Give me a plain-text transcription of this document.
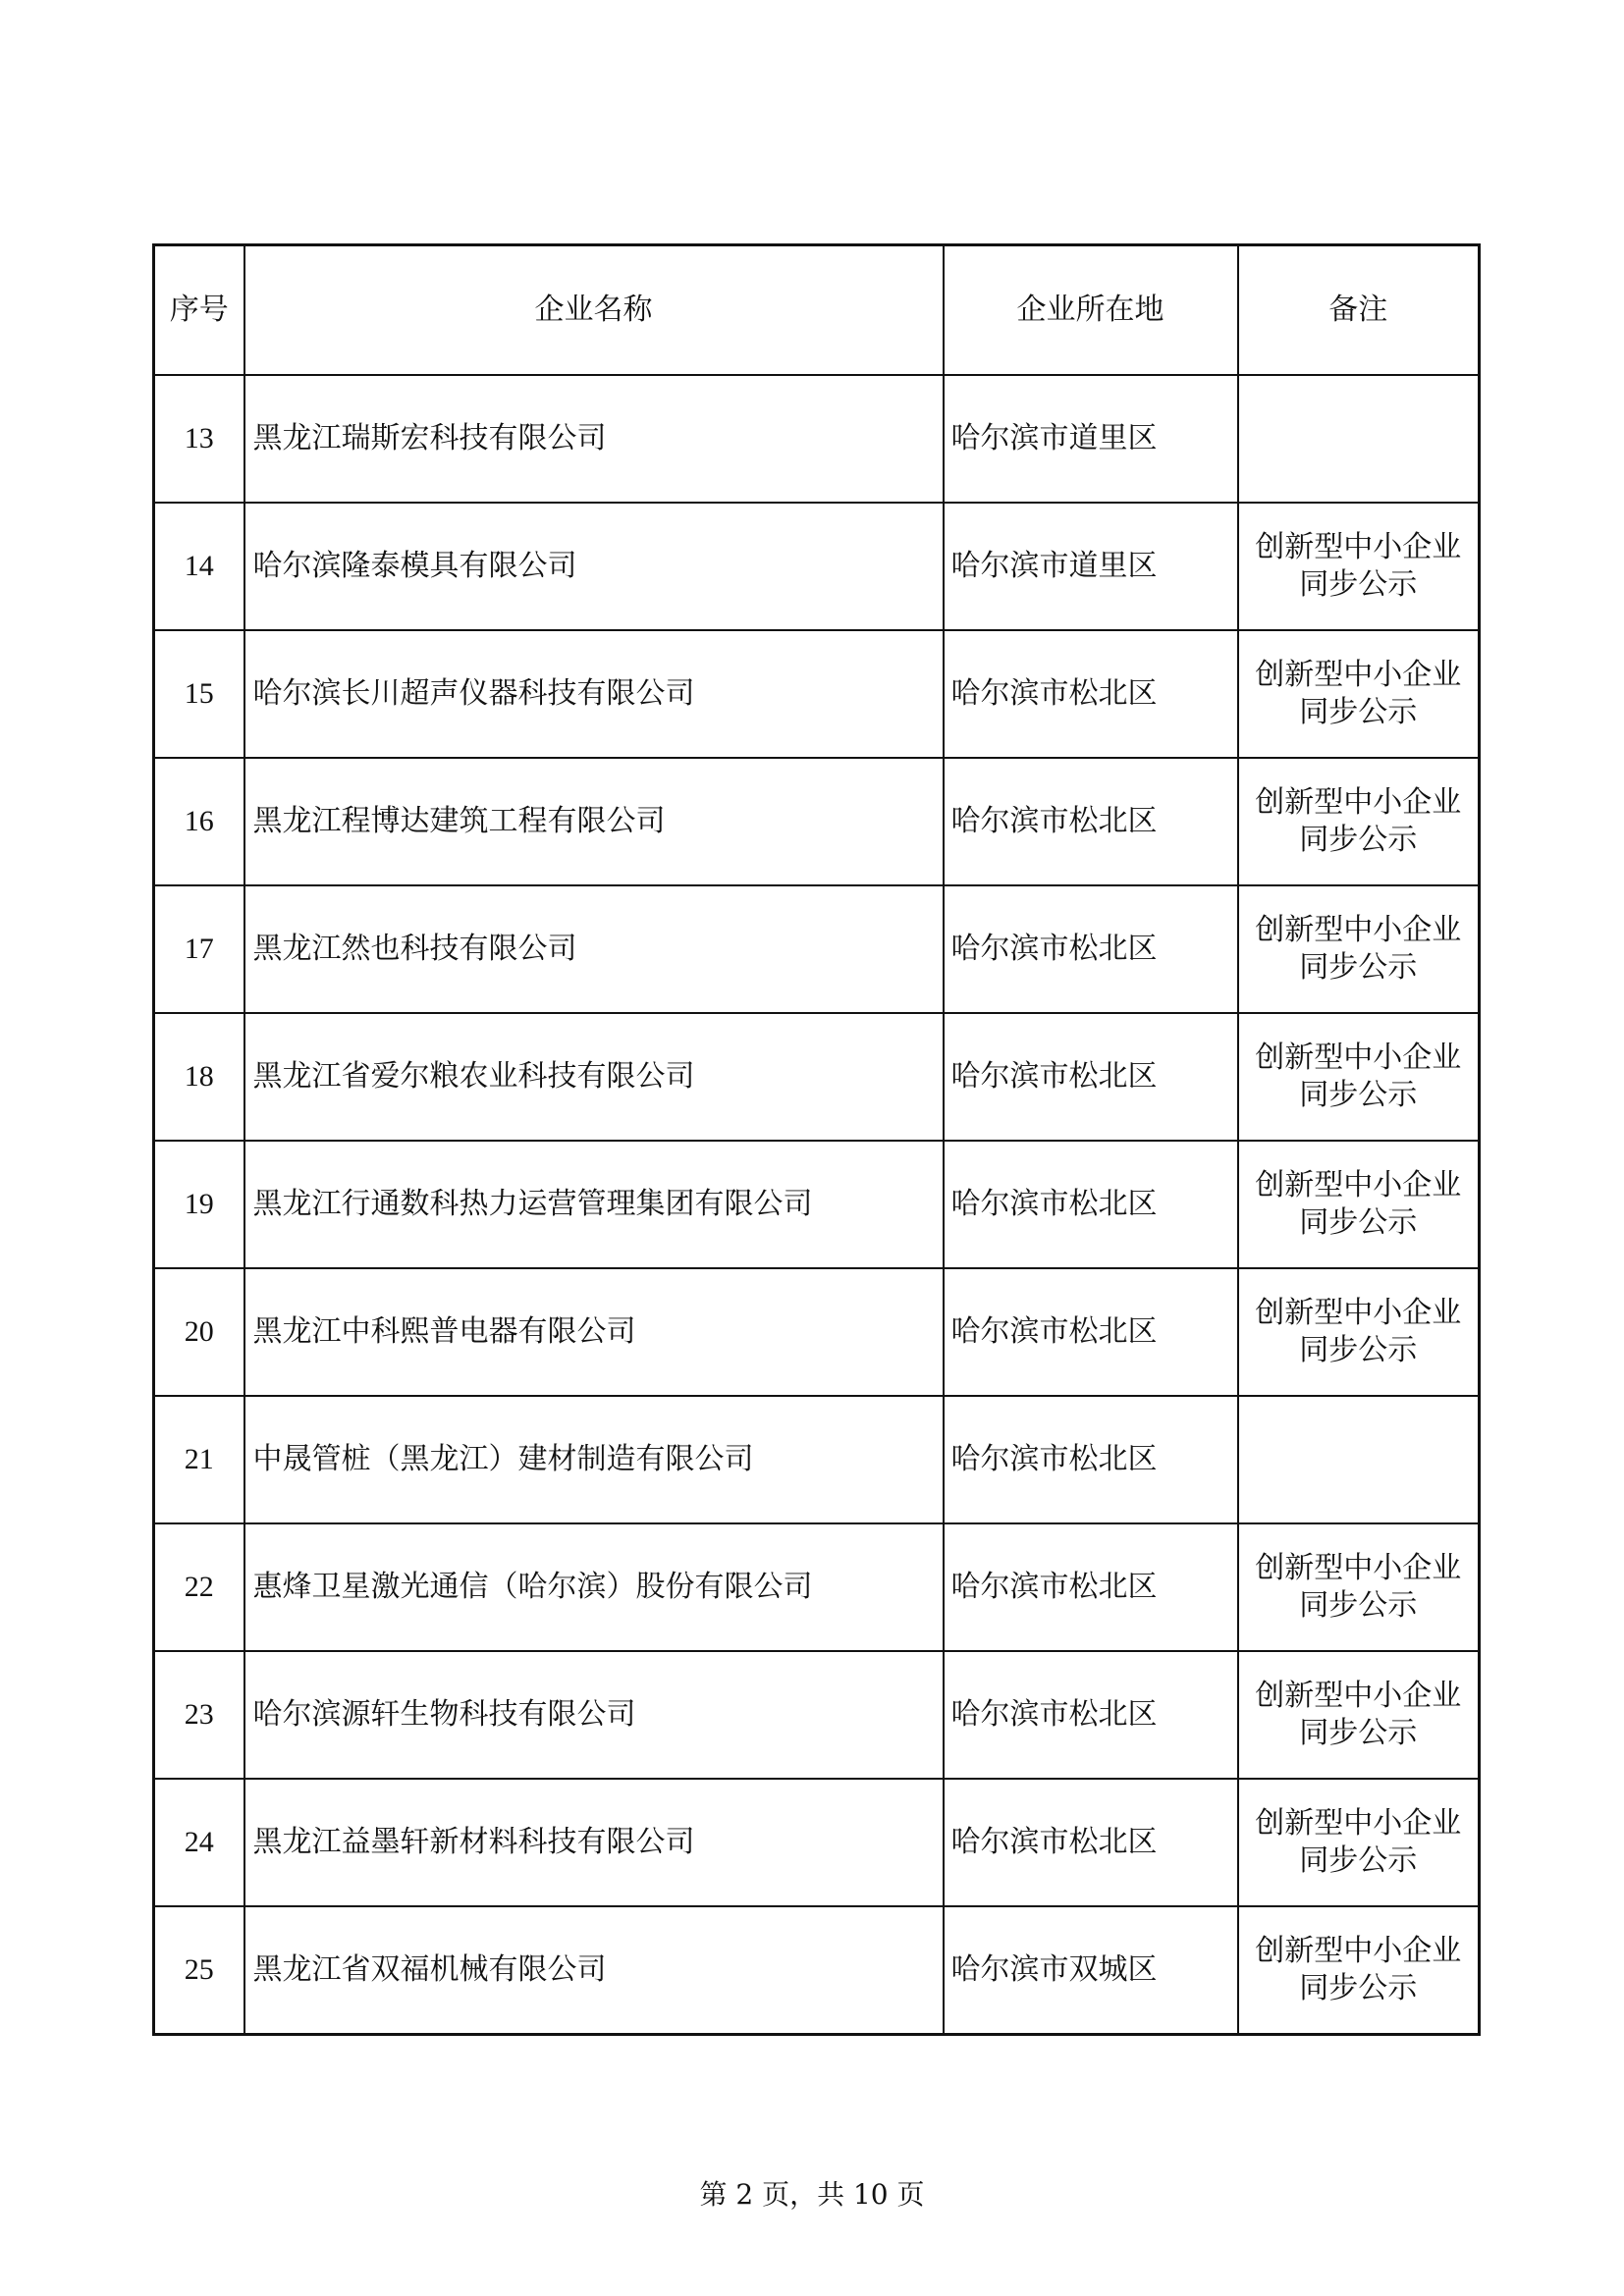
序号	企业名称	企业所在地	备注
13	黑龙江瑞斯宏科技有限公司	哈尔滨市道里区	

14	哈尔滨隆泰模具有限公司	哈尔滨市道里区	创新型中小企业
同步公示

15	哈尔滨长川超声仪器科技有限公司	哈尔滨市松北区	创新型中小企业
同步公示

16	黑龙江程博达建筑工程有限公司	哈尔滨市松北区	创新型中小企业
同步公示

17	黑龙江然也科技有限公司	哈尔滨市松北区	创新型中小企业
同步公示

18	黑龙江省爱尔粮农业科技有限公司	哈尔滨市松北区	创新型中小企业
同步公示

19	黑龙江行通数科热力运营管理集团有限公司	哈尔滨市松北区	创新型中小企业
同步公示

20	黑龙江中科熙普电器有限公司	哈尔滨市松北区	创新型中小企业
同步公示

21	中晟管桩（黑龙江）建材制造有限公司	哈尔滨市松北区	

22	惠烽卫星激光通信（哈尔滨）股份有限公司	哈尔滨市松北区	创新型中小企业
同步公示

23	哈尔滨源轩生物科技有限公司	哈尔滨市松北区	创新型中小企业
同步公示

24	黑龙江益墨轩新材料科技有限公司	哈尔滨市松北区	创新型中小企业
同步公示

25	黑龙江省双福机械有限公司	哈尔滨市双城区	创新型中小企业
同步公示
第 2 页，共 10 页
